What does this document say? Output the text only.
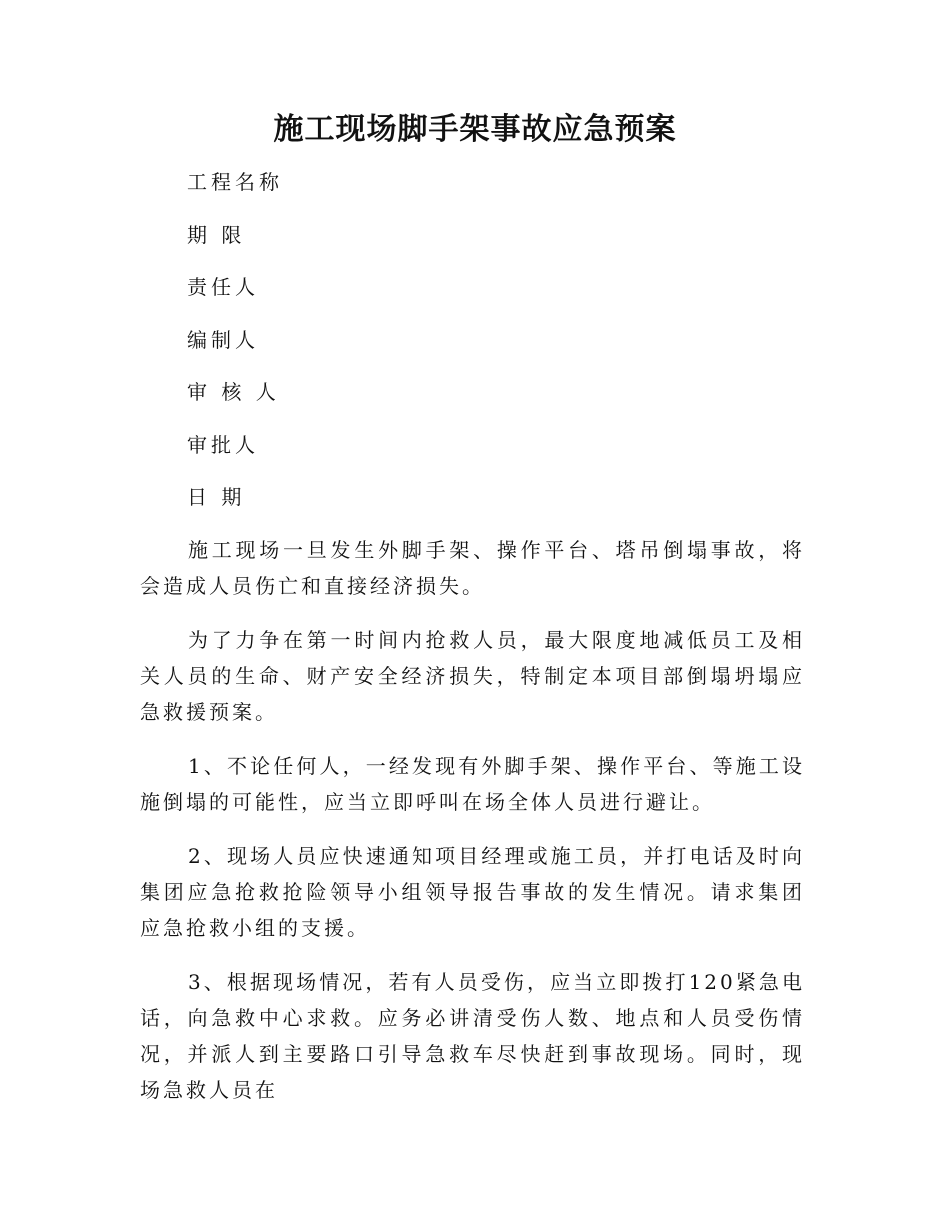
施工现场脚手架事故应急预案
工程名称
期 限
责任人
编制人
审 核 人
审批人
日 期

施工现场一旦发生外脚手架、操作平台、塔吊倒塌事故，将会造成人员伤亡和直接经济损失。

为了力争在第一时间内抢救人员，最大限度地减低员工及相关人员的生命、财产安全经济损失，特制定本项目部倒塌坍塌应急救援预案。

1、不论任何人，一经发现有外脚手架、操作平台、等施工设施倒塌的可能性，应当立即呼叫在场全体人员进行避让。

2、现场人员应快速通知项目经理或施工员，并打电话及时向集团应急抢救抢险领导小组领导报告事故的发生情况。请求集团应急抢救小组的支援。

3、根据现场情况，若有人员受伤，应当立即拨打120紧急电话，向急救中心求救。应务必讲清受伤人数、地点和人员受伤情况，并派人到主要路口引导急救车尽快赶到事故现场。同时，现场急救人员在
